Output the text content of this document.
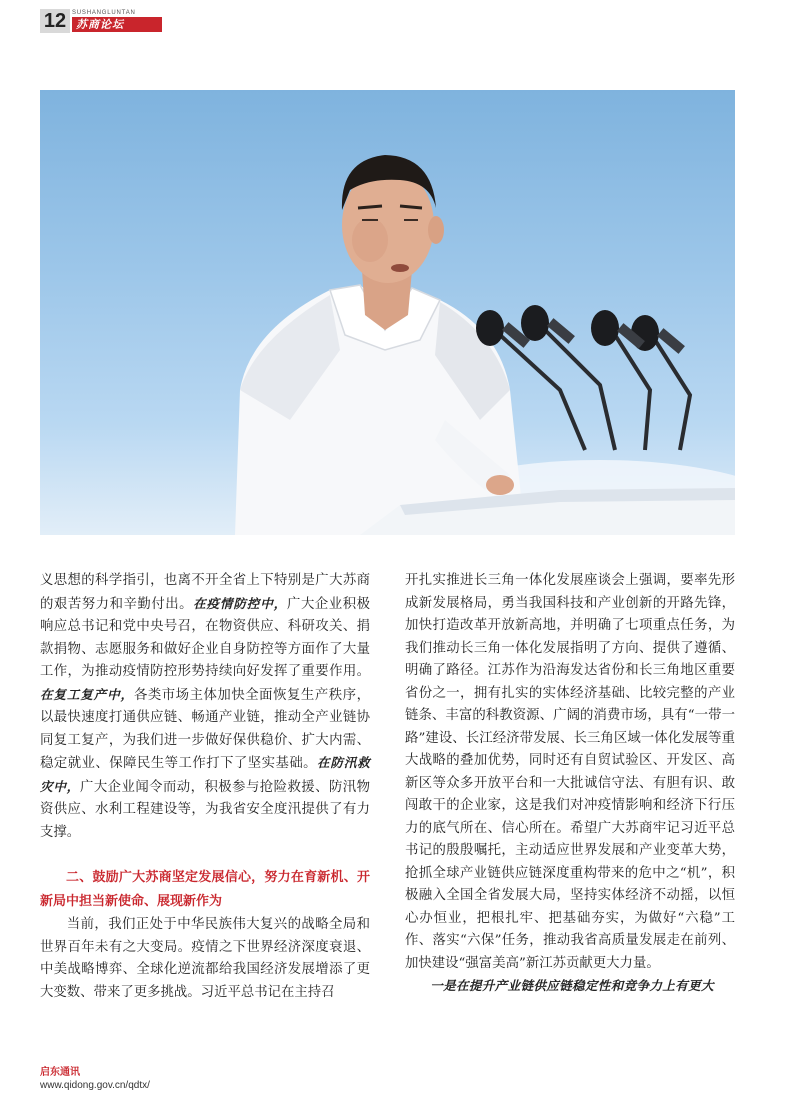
12 SUSHANGLUNTAN
苏商论坛

义思想的科学指引，也离不开全省上下特别是广大苏商的艰苦努力和辛勤付出。在疫情防控中，广大企业积极响应总书记和党中央号召，在物资供应、科研攻关、捐款捐物、志愿服务和做好企业自身防控等方面作了大量工作，为推动疫情防控形势持续向好发挥了重要作用。在复工复产中，各类市场主体加快全面恢复生产秩序，以最快速度打通供应链、畅通产业链，推动全产业链协同复工复产，为我们进一步做好保供稳价、扩大内需、稳定就业、保障民生等工作打下了坚实基础。在防汛救灾中，广大企业闻令而动，积极参与抢险救援、防汛物资供应、水利工程建设等，为我省安全度汛提供了有力支撑。

二、鼓励广大苏商坚定发展信心，努力在育新机、开新局中担当新使命、展现新作为

当前，我们正处于中华民族伟大复兴的战略全局和世界百年未有之大变局。疫情之下世界经济深度衰退、中美战略博弈、全球化逆流都给我国经济发展增添了更大变数、带来了更多挑战。习近平总书记在主持召

开扎实推进长三角一体化发展座谈会上强调，要率先形成新发展格局，勇当我国科技和产业创新的开路先锋，加快打造改革开放新高地，并明确了七项重点任务，为我们推动长三角一体化发展指明了方向、提供了遵循、明确了路径。江苏作为沿海发达省份和长三角地区重要省份之一，拥有扎实的实体经济基础、比较完整的产业链条、丰富的科教资源、广阔的消费市场，具有“一带一路”建设、长江经济带发展、长三角区域一体化发展等重大战略的叠加优势，同时还有自贸试验区、开发区、高新区等众多开放平台和一大批诚信守法、有胆有识、敢闯敢干的企业家，这是我们对冲疫情影响和经济下行压力的底气所在、信心所在。希望广大苏商牢记习近平总书记的殷殷嘱托，主动适应世界发展和产业变革大势，抢抓全球产业链供应链深度重构带来的危中之“机”，积极融入全国全省发展大局，坚持实体经济不动摇，以恒心办恒业，把根扎牢、把基础夯实，为做好“六稳”工作、落实“六保”任务，推动我省高质量发展走在前列、加快建设“强富美高”新江苏贡献更大力量。

一是在提升产业链供应链稳定性和竞争力上有更大

启东通讯
www.qidong.gov.cn/qdtx/
